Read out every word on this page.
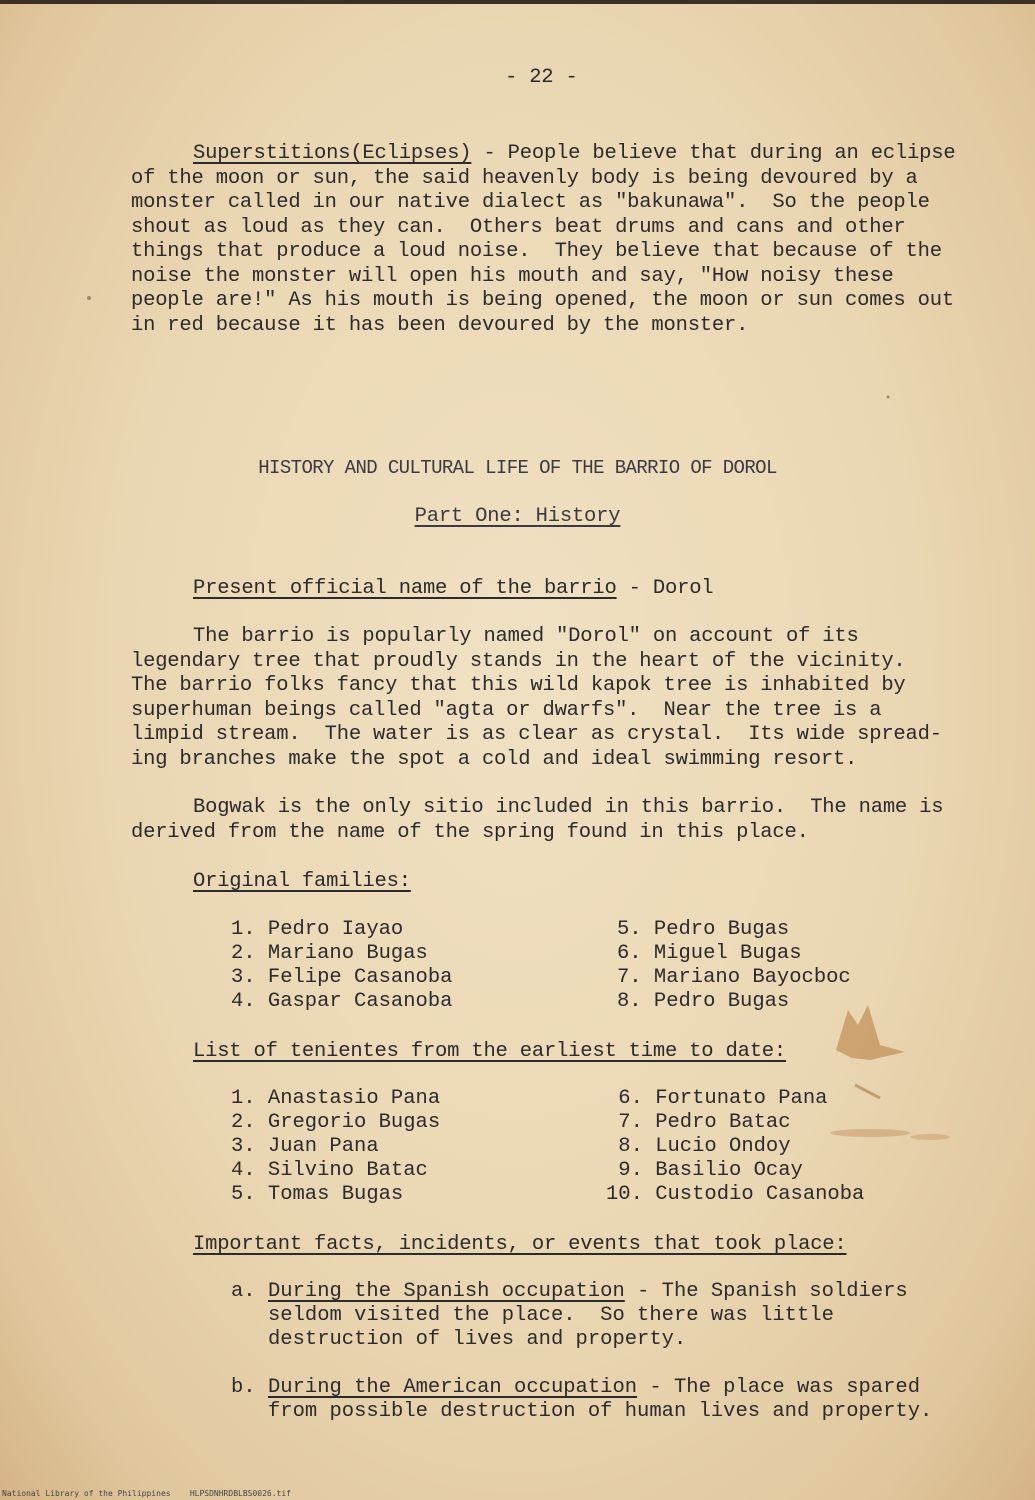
- 22 -
Superstitions(Eclipses) - People believe that during an eclipse
of the moon or sun, the said heavenly body is being devoured by a
monster called in our native dialect as "bakunawa".  So the people
shout as loud as they can.  Others beat drums and cans and other
things that produce a loud noise.  They believe that because of the
noise the monster will open his mouth and say, "How noisy these
people are!" As his mouth is being opened, the moon or sun comes out
in red because it has been devoured by the monster.
HISTORY AND CULTURAL LIFE OF THE BARRIO OF DOROL
Part One: History
Present official name of the barrio - Dorol
The barrio is popularly named "Dorol" on account of its
legendary tree that proudly stands in the heart of the vicinity.
The barrio folks fancy that this wild kapok tree is inhabited by
superhuman beings called "agta or dwarfs".  Near the tree is a
limpid stream.  The water is as clear as crystal.  Its wide spread-
ing branches make the spot a cold and ideal swimming resort.
Bogwak is the only sitio included in this barrio.  The name is
derived from the name of the spring found in this place.
Original families:
1. Pedro Iayao
2. Mariano Bugas
3. Felipe Casanoba
4. Gaspar Casanoba
5. Pedro Bugas
6. Miguel Bugas
7. Mariano Bayocboc
8. Pedro Bugas
List of tenientes from the earliest time to date:
1. Anastasio Pana
2. Gregorio Bugas
3. Juan Pana
4. Silvino Batac
5. Tomas Bugas
6. Fortunato Pana
7. Pedro Batac
8. Lucio Ondoy
9. Basilio Ocay
10. Custodio Casanoba
Important facts, incidents, or events that took place:
a. During the Spanish occupation - The Spanish soldiers
seldom visited the place.  So there was little
destruction of lives and property.
b. During the American occupation - The place was spared
from possible destruction of human lives and property.
National Library of the Philippines    HLPSDNHRDBLBS0026.tif
